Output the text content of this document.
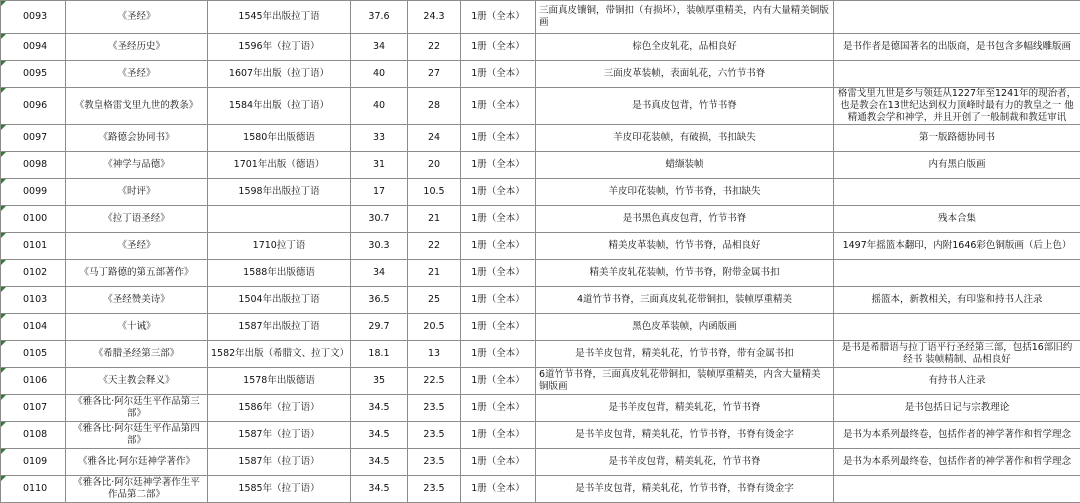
0093	《圣经》	1545年出版拉丁语	37.6	24.3	1册（全本）	三面真皮镶铜，带铜扣（有损坏），装帧厚重精美，内有大量精美铜版画	
0094	《圣经历史》	1596年（拉丁语）	34	22	1册（全本）	棕色全皮轧花，品相良好	是书作者是德国著名的出版商，是书包含多幅线雕版画
0095	《圣经》	1607年出版（拉丁语）	40	27	1册（全本）	三面皮革装帧，表面轧花，六竹节书脊	
0096	《教皇格雷戈里九世的教条》	1584年出版（拉丁语）	40	28	1册（全本）	是书真皮包背，竹节书脊	格雷戈里九世是乡与领廷从1227年至1241年的现治者，也是教会在13世纪达到权力顶峰时最有力的教皇之一 他精通教会学和神学，并且开创了一般制裁和教廷审讯
0097	《路德会协同书》	1580年出版德语	33	24	1册（全本）	羊皮印花装帧，有破损，书扣缺失	第一版路德协同书
0098	《神学与品德》	1701年出版（德语）	31	20	1册（全本）	蜡缬装帧	内有黑白版画
0099	《时评》	1598年出版拉丁语	17	10.5	1册（全本）	羊皮印花装帧，竹节书脊，书扣缺失	
0100	《拉丁语圣经》		30.7	21	1册（全本）	是书黑色真皮包背，竹节书脊	残本合集
0101	《圣经》	1710拉丁语	30.3	22	1册（全本）	精美皮革装帧，竹节书脊，品相良好	1497年摇篮本翻印，内附1646彩色铜版画（后上色）
0102	《马丁路德的第五部著作》	1588年出版德语	34	21	1册（全本）	精美羊皮轧花装帧，竹节书脊，附带金属书扣	
0103	《圣经赞美诗》	1504年出版拉丁语	36.5	25	1册（全本）	4道竹节书脊，三面真皮轧花带铜扣，装帧厚重精美	摇篮本，新教相关，有印鉴和持书人注录
0104	《十诫》	1587年出版拉丁语	29.7	20.5	1册（全本）	黑色皮革装帧，内函版画	
0105	《希腊圣经第三部》	1582年出版（希腊文、拉丁文）	18.1	13	1册（全本）	是书羊皮包背，精美轧花，竹节书脊，带有金属书扣	是书是希腊语与拉丁语平行圣经第三部，包括16部旧约经书 装帧精制、品相良好
0106	《天主教会释义》	1578年出版德语	35	22.5	1册（全本）	6道竹节书脊，三面真皮轧花带铜扣，装帧厚重精美，内含大量精美铜版画	有持书人注录
0107	《雅各比·阿尔廷生平作品第三部》	1586年（拉丁语）	34.5	23.5	1册（全本）	是书羊皮包背，精美轧花，竹节书脊	是书包括日记与宗教理论
0108	《雅各比·阿尔廷生平作品第四部》	1587年（拉丁语）	34.5	23.5	1册（全本）	是书羊皮包背，精美轧花，竹节书脊，书脊有烫金字	是书为本系列最终卷，包括作者的神学著作和哲学理念
0109	《雅各比·阿尔廷神学著作》	1587年（拉丁语）	34.5	23.5	1册（全本）	是书羊皮包背，精美轧花，竹节书脊	是书为本系列最终卷，包括作者的神学著作和哲学理念
0110	《雅各比·阿尔廷神学著作生平作品第二部》	1585年（拉丁语）	34.5	23.5	1册（全本）	是书羊皮包背，精美轧花，竹节书脊，书脊有烫金字	
